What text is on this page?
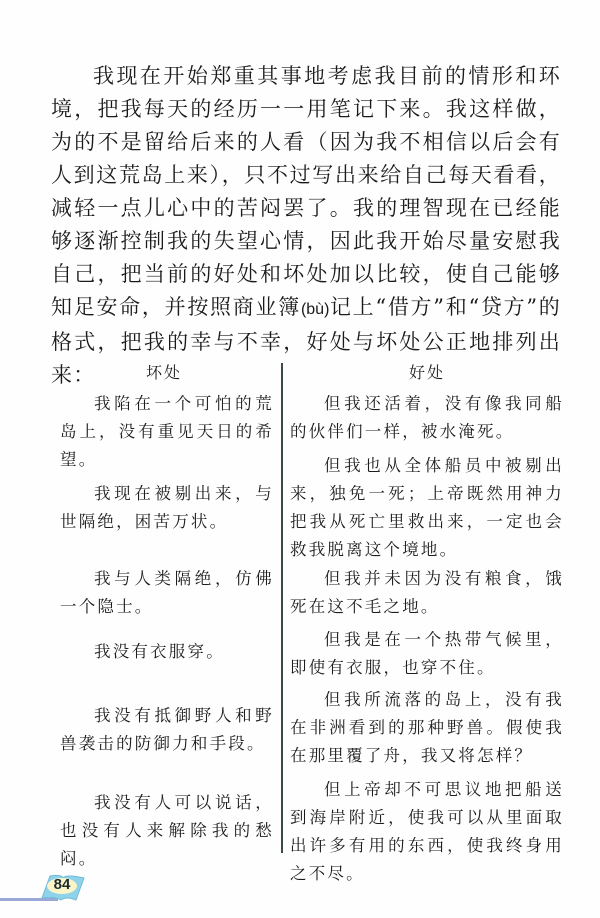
我现在开始郑重其事地考虑我目前的情形和环境，把我每天的经历一一用笔记下来。我这样做，为的不是留给后来的人看（因为我不相信以后会有人到这荒岛上来），只不过写出来给自己每天看看，减轻一点儿心中的苦闷罢了。我的理智现在已经能够逐渐控制我的失望心情，因此我开始尽量安慰我自己，把当前的好处和坏处加以比较，使自己能够知足安命，并按照商业簿(bù)记上“借方”和“贷方”的格式，把我的幸与不幸，好处与坏处公正地排列出来：	坏处	好处
我陷在一个可怕的荒岛上，没有重见天日的希望。
我现在被剔出来，与世隔绝，困苦万状。
我与人类隔绝，仿佛一个隐士。
我没有衣服穿。
我没有抵御野人和野兽袭击的防御力和手段。
我没有人可以说话，也没有人来解除我的愁闷。
但我还活着，没有像我同船的伙伴们一样，被水淹死。
但我也从全体船员中被剔出来，独免一死；上帝既然用神力把我从死亡里救出来，一定也会救我脱离这个境地。
但我并未因为没有粮食，饿死在这不毛之地。
但我是在一个热带气候里，即使有衣服，也穿不住。
但我所流落的岛上，没有我在非洲看到的那种野兽。假使我在那里覆了舟，我又将怎样？
但上帝却不可思议地把船送到海岸附近，使我可以从里面取出许多有用的东西，使我终身用之不尽。
84
